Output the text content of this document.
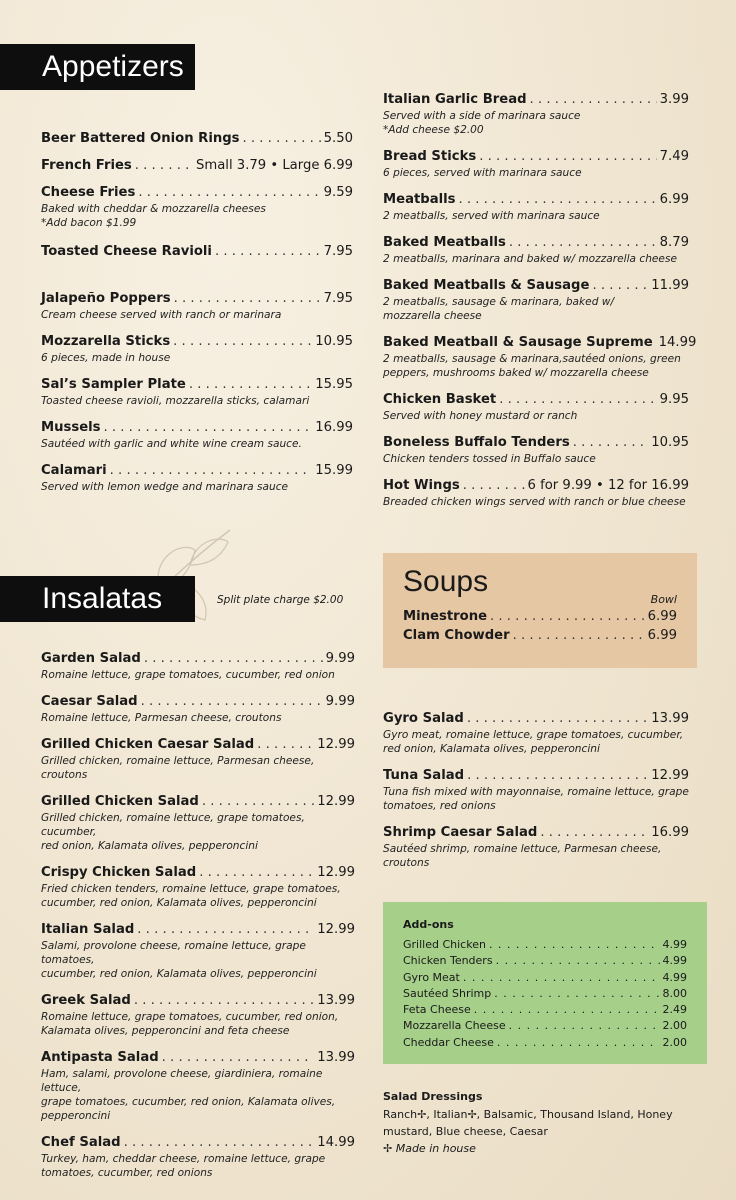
Appetizers
Beer Battered Onion Rings . . .	5.50
French Fries . . .	Small 3.79 • Large 6.99
Cheese Fries . . .	9.59
Baked with cheddar & mozzarella cheeses
*Add bacon $1.99
Toasted Cheese Ravioli . . .	7.95
Jalapeño Poppers . . .	7.95
Cream cheese served with ranch or marinara
Mozzarella Sticks . . .	10.95
6 pieces, made in house
Sal’s Sampler Plate . . .	15.95
Toasted cheese ravioli, mozzarella sticks, calamari
Mussels . . .	16.99
Sautéed with garlic and white wine cream sauce.
Calamari . . .	15.99
Served with lemon wedge and marinara sauce
Italian Garlic Bread . . .	3.99
Served with a side of marinara sauce
*Add cheese $2.00
Bread Sticks . . .	7.49
6 pieces, served with marinara sauce
Meatballs . . .	6.99
2 meatballs, served with marinara sauce
Baked Meatballs . . .	8.79
2 meatballs, marinara and baked w/ mozzarella cheese
Baked Meatballs & Sausage . . .	11.99
2 meatballs, sausage & marinara, baked w/
mozzarella cheese
Baked Meatball & Sausage Supreme 14.99
2 meatballs, sausage & marinara,sautéed onions, green
peppers, mushrooms baked w/ mozzarella cheese
Chicken Basket . . .	9.95
Served with honey mustard or ranch
Boneless Buffalo Tenders . . .	10.95
Chicken tenders tossed in Buffalo sauce
Hot Wings . . .	6 for 9.99 • 12 for 16.99
Breaded chicken wings served with ranch or blue cheese
Soups
Bowl
Minestrone . . .	6.99
Clam Chowder . . .	6.99
Insalatas	Split plate charge $2.00
Garden Salad . . .	9.99
Romaine lettuce, grape tomatoes, cucumber, red onion
Caesar Salad . . .	9.99
Romaine lettuce, Parmesan cheese, croutons
Grilled Chicken Caesar Salad . . .	12.99
Grilled chicken, romaine lettuce, Parmesan cheese, croutons
Grilled Chicken Salad . . .	12.99
Grilled chicken, romaine lettuce, grape tomatoes, cucumber,
red onion, Kalamata olives, pepperoncini
Crispy Chicken Salad . . .	12.99
Fried chicken tenders, romaine lettuce, grape tomatoes,
cucumber, red onion, Kalamata olives, pepperoncini
Italian Salad . . .	12.99
Salami, provolone cheese, romaine lettuce, grape tomatoes,
cucumber, red onion, Kalamata olives, pepperoncini
Greek Salad . . .	13.99
Romaine lettuce, grape tomatoes, cucumber, red onion,
Kalamata olives, pepperoncini and feta cheese
Antipasta Salad . . .	13.99
Ham, salami, provolone cheese, giardiniera, romaine lettuce,
grape tomatoes, cucumber, red onion, Kalamata olives,
pepperoncini
Chef Salad . . .	14.99
Turkey, ham, cheddar cheese, romaine lettuce, grape
tomatoes, cucumber, red onions
Gyro Salad . . .	13.99
Gyro meat, romaine lettuce, grape tomatoes, cucumber,
red onion, Kalamata olives, pepperoncini
Tuna Salad . . .	12.99
Tuna fish mixed with mayonnaise, romaine lettuce, grape
tomatoes, red onions
Shrimp Caesar Salad . . .	16.99
Sautéed shrimp, romaine lettuce, Parmesan cheese,
croutons
Add-ons
Grilled Chicken . . .	4.99
Chicken Tenders . . .	4.99
Gyro Meat . . .	4.99
Sautéed Shrimp . . .	8.00
Feta Cheese . . .	2.49
Mozzarella Cheese . . .	2.00
Cheddar Cheese . . .	2.00
Salad Dressings
Ranch✢, Italian✢, Balsamic, Thousand Island, Honey mustard, Blue cheese, Caesar
✢ Made in house
